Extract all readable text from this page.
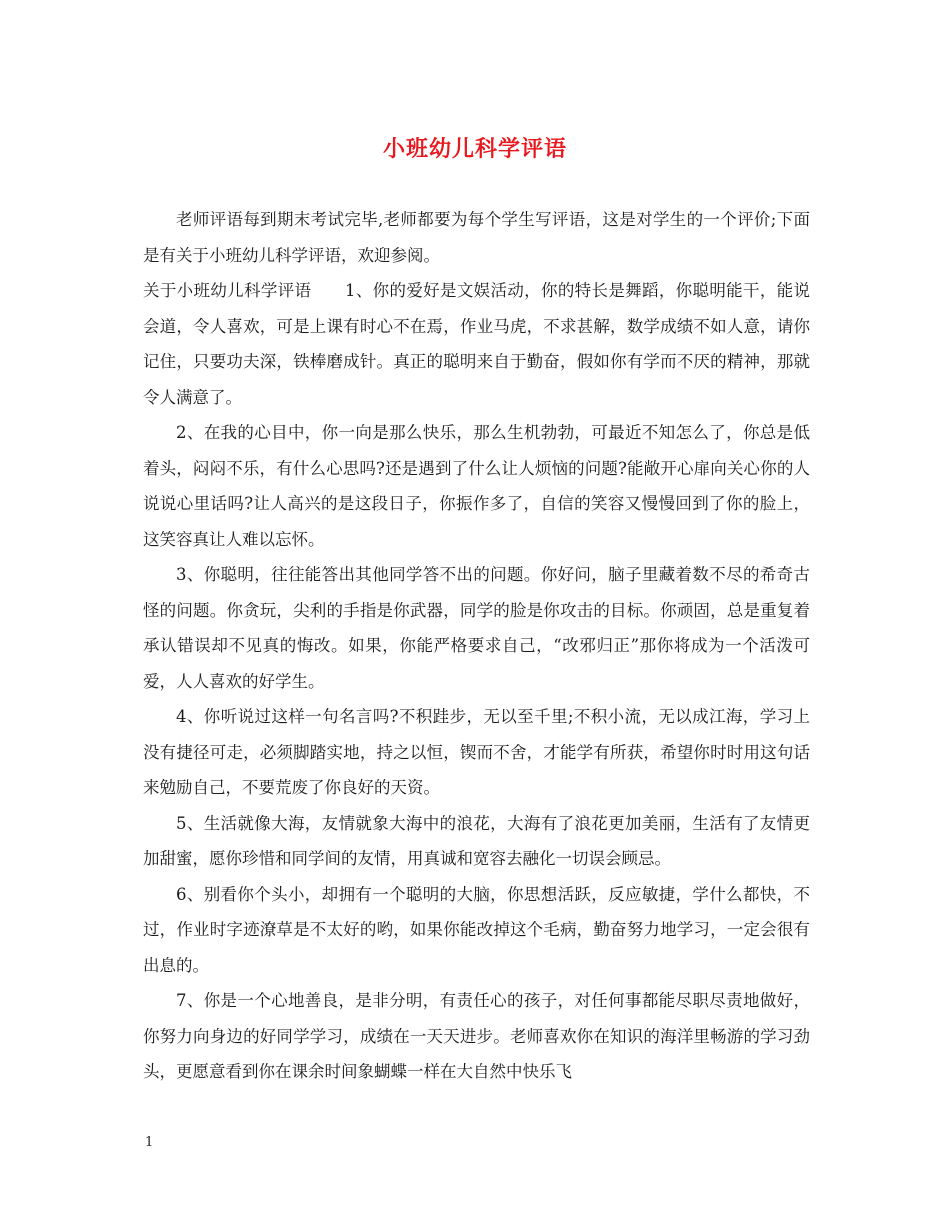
小班幼儿科学评语

老师评语每到期末考试完毕,老师都要为每个学生写评语，这是对学生的一个评价;下面是有关于小班幼儿科学评语，欢迎参阅。

关于小班幼儿科学评语　　1、你的爱好是文娱活动，你的特长是舞蹈，你聪明能干，能说会道，令人喜欢，可是上课有时心不在焉，作业马虎，不求甚解，数学成绩不如人意，请你记住，只要功夫深，铁棒磨成针。真正的聪明来自于勤奋，假如你有学而不厌的精神，那就令人满意了。

2、在我的心目中，你一向是那么快乐，那么生机勃勃，可最近不知怎么了，你总是低着头，闷闷不乐，有什么心思吗?还是遇到了什么让人烦恼的问题?能敞开心扉向关心你的人说说心里话吗?让人高兴的是这段日子，你振作多了，自信的笑容又慢慢回到了你的脸上，这笑容真让人难以忘怀。

3、你聪明，往往能答出其他同学答不出的问题。你好问，脑子里藏着数不尽的希奇古怪的问题。你贪玩，尖利的手指是你武器，同学的脸是你攻击的目标。你顽固，总是重复着承认错误却不见真的悔改。如果，你能严格要求自己，“改邪归正”那你将成为一个活泼可爱，人人喜欢的好学生。

4、你听说过这样一句名言吗?不积跬步，无以至千里;不积小流，无以成江海，学习上没有捷径可走，必须脚踏实地，持之以恒，锲而不舍，才能学有所获，希望你时时用这句话来勉励自己，不要荒废了你良好的天资。

5、生活就像大海，友情就象大海中的浪花，大海有了浪花更加美丽，生活有了友情更加甜蜜，愿你珍惜和同学间的友情，用真诚和宽容去融化一切误会顾忌。

6、别看你个头小，却拥有一个聪明的大脑，你思想活跃，反应敏捷，学什么都快，不过，作业时字迹潦草是不太好的哟，如果你能改掉这个毛病，勤奋努力地学习，一定会很有出息的。

7、你是一个心地善良，是非分明，有责任心的孩子，对任何事都能尽职尽责地做好，你努力向身边的好同学学习，成绩在一天天进步。老师喜欢你在知识的海洋里畅游的学习劲头，更愿意看到你在课余时间象蝴蝶一样在大自然中快乐飞

1
